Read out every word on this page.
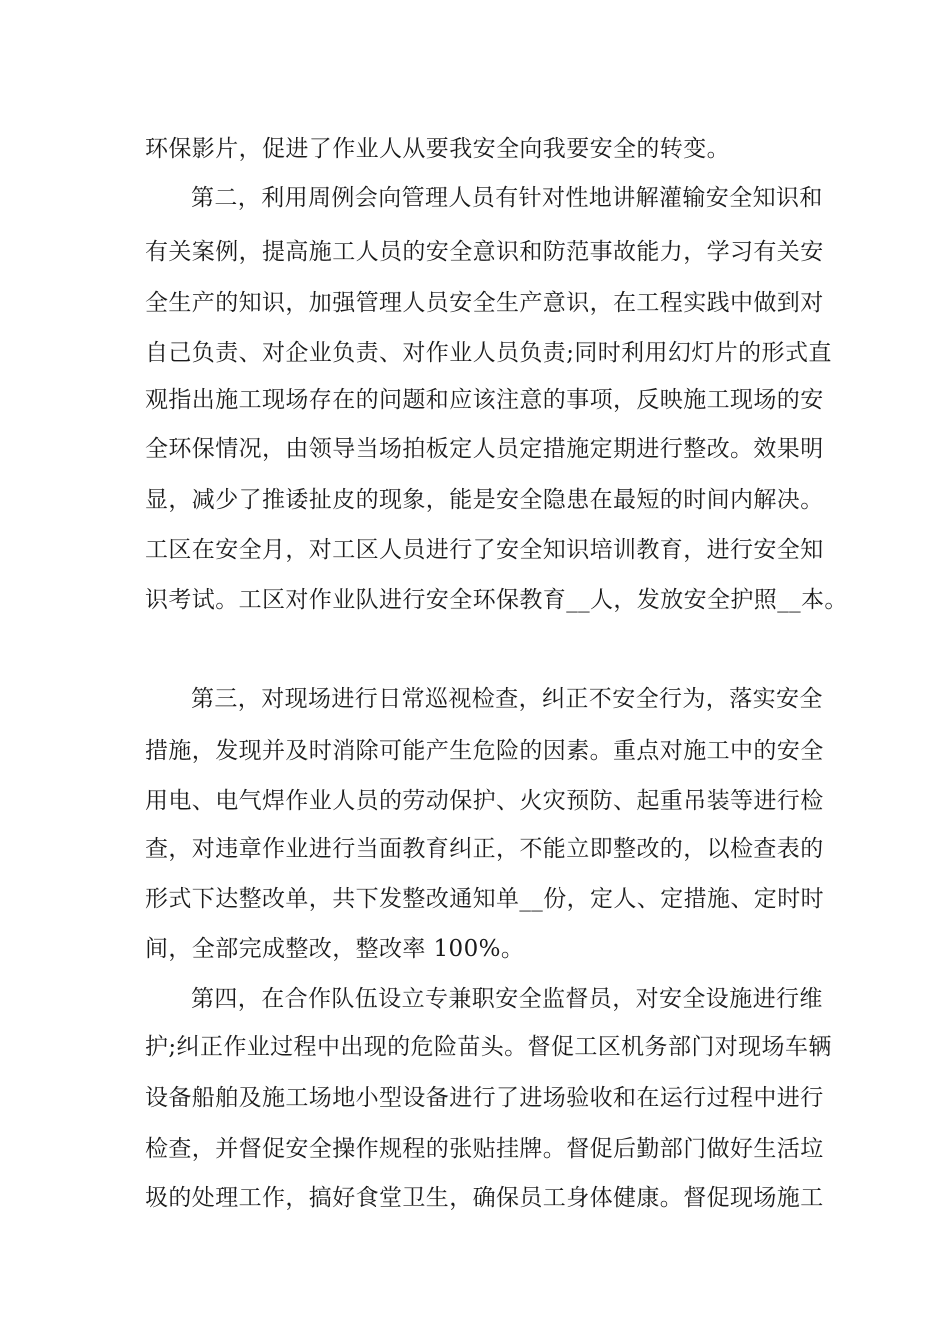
环保影片，促进了作业人从要我安全向我要安全的转变。
第二，利用周例会向管理人员有针对性地讲解灌输安全知识和
有关案例，提高施工人员的安全意识和防范事故能力，学习有关安
全生产的知识，加强管理人员安全生产意识，在工程实践中做到对
自己负责、对企业负责、对作业人员负责;同时利用幻灯片的形式直
观指出施工现场存在的问题和应该注意的事项，反映施工现场的安
全环保情况，由领导当场拍板定人员定措施定期进行整改。效果明
显，减少了推诿扯皮的现象，能是安全隐患在最短的时间内解决。
工区在安全月，对工区人员进行了安全知识培训教育，进行安全知
识考试。工区对作业队进行安全环保教育__人，发放安全护照__本。
第三，对现场进行日常巡视检查，纠正不安全行为，落实安全
措施，发现并及时消除可能产生危险的因素。重点对施工中的安全
用电、电气焊作业人员的劳动保护、火灾预防、起重吊装等进行检
查，对违章作业进行当面教育纠正，不能立即整改的，以检查表的
形式下达整改单，共下发整改通知单__份，定人、定措施、定时时
间，全部完成整改，整改率 100%。
第四，在合作队伍设立专兼职安全监督员，对安全设施进行维
护;纠正作业过程中出现的危险苗头。督促工区机务部门对现场车辆
设备船舶及施工场地小型设备进行了进场验收和在运行过程中进行
检查，并督促安全操作规程的张贴挂牌。督促后勤部门做好生活垃
圾的处理工作，搞好食堂卫生，确保员工身体健康。督促现场施工
